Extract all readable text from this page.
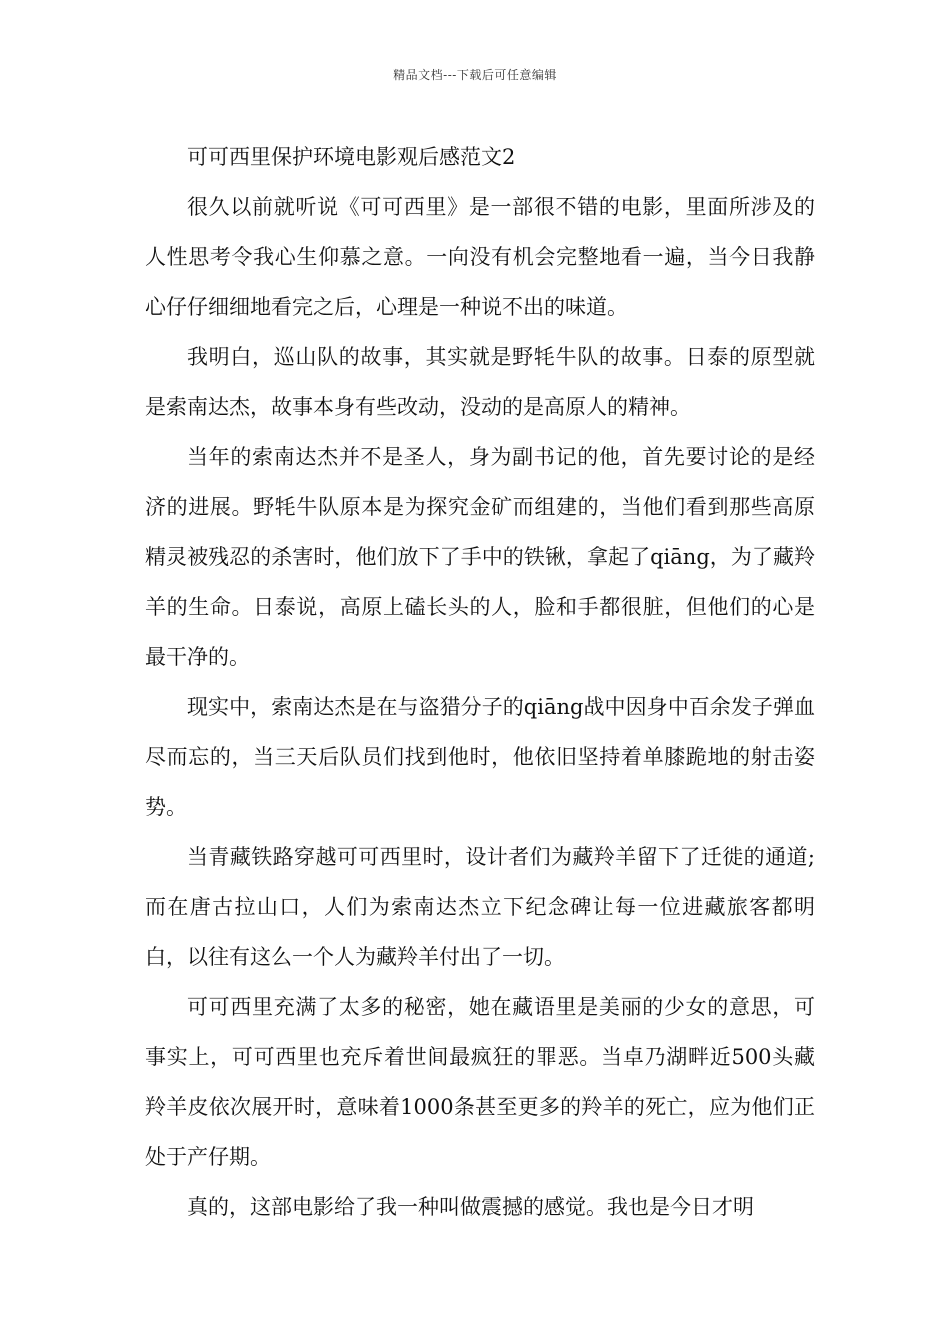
精品文档---下载后可任意编辑

可可西里保护环境电影观后感范文2

很久以前就听说《可可西里》是一部很不错的电影，里面所涉及的人性思考令我心生仰慕之意。一向没有机会完整地看一遍，当今日我静心仔仔细细地看完之后，心理是一种说不出的味道。

我明白，巡山队的故事，其实就是野牦牛队的故事。日泰的原型就是索南达杰，故事本身有些改动，没动的是高原人的精神。

当年的索南达杰并不是圣人，身为副书记的他，首先要讨论的是经济的进展。野牦牛队原本是为探究金矿而组建的，当他们看到那些高原精灵被残忍的杀害时，他们放下了手中的铁锹，拿起了qiāng，为了藏羚羊的生命。日泰说，高原上磕长头的人，脸和手都很脏，但他们的心是最干净的。

现实中，索南达杰是在与盗猎分子的qiāng战中因身中百余发子弹血尽而忘的，当三天后队员们找到他时，他依旧坚持着单膝跪地的射击姿势。

当青藏铁路穿越可可西里时，设计者们为藏羚羊留下了迁徙的通道;而在唐古拉山口，人们为索南达杰立下纪念碑让每一位进藏旅客都明白，以往有这么一个人为藏羚羊付出了一切。

可可西里充满了太多的秘密，她在藏语里是美丽的少女的意思，可事实上，可可西里也充斥着世间最疯狂的罪恶。当卓乃湖畔近500头藏羚羊皮依次展开时，意味着1000条甚至更多的羚羊的死亡，应为他们正处于产仔期。

真的，这部电影给了我一种叫做震撼的感觉。我也是今日才明
